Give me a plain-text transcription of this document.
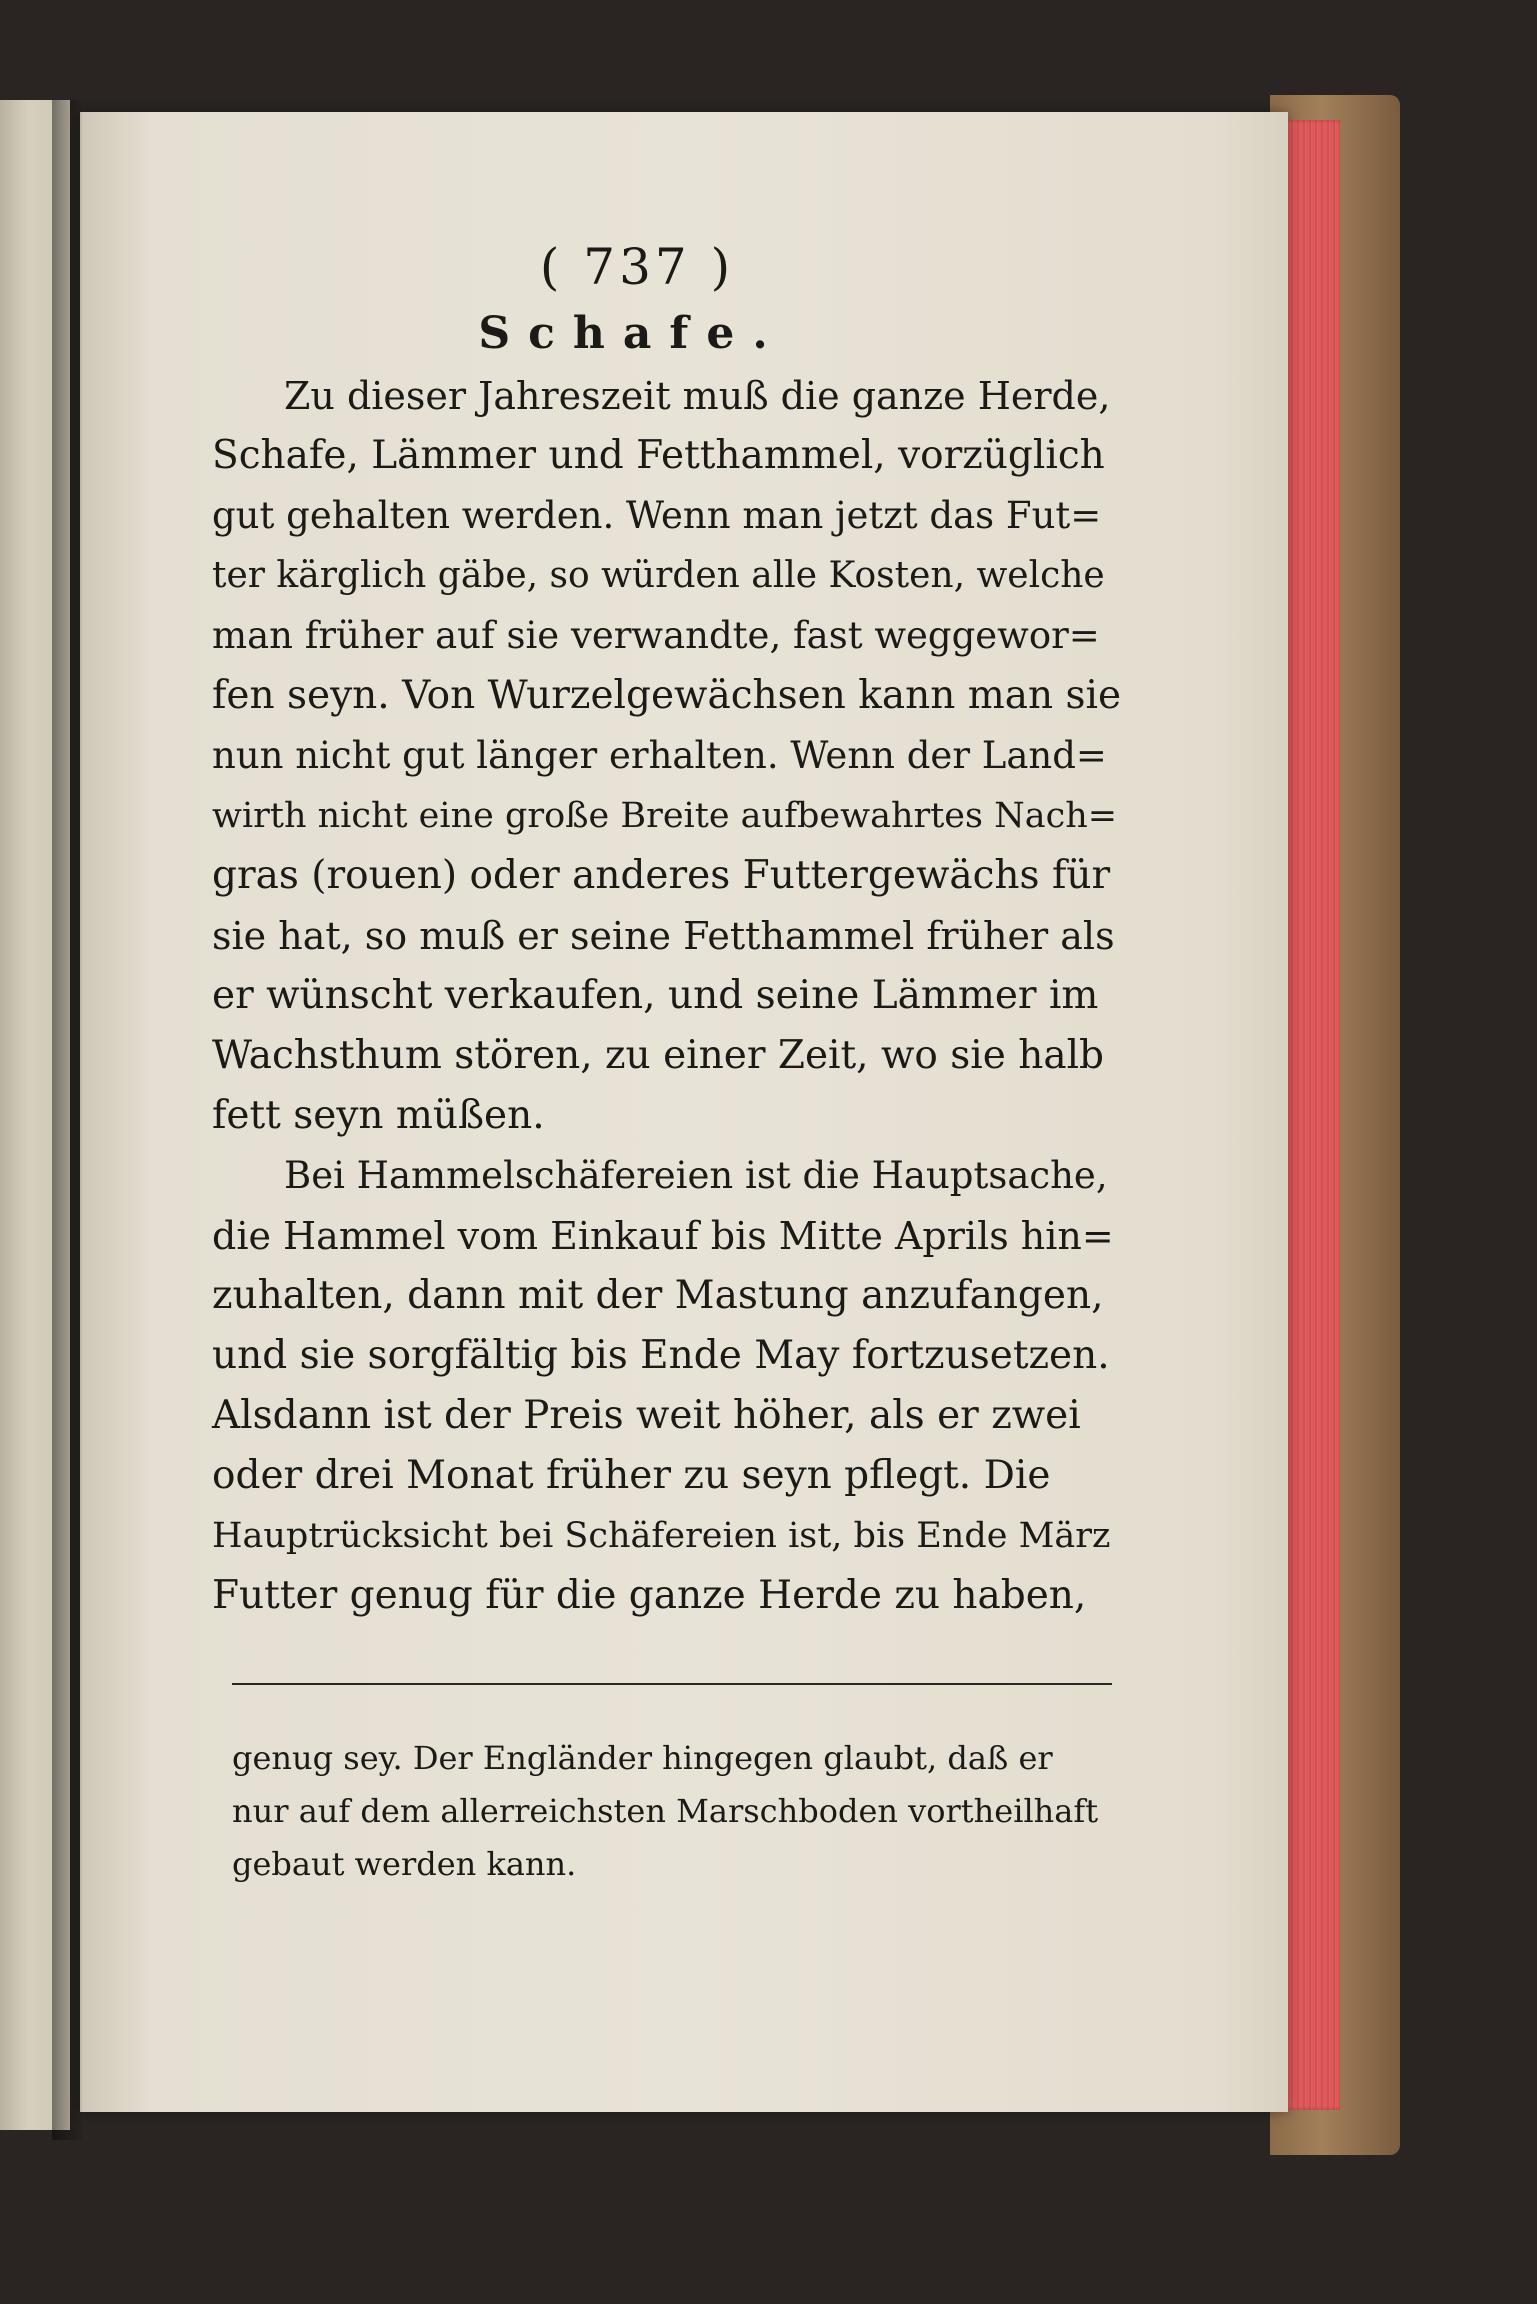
( 737 )
Schafe.
Zu dieser Jahreszeit muß die ganze Herde,
Schafe, Lämmer und Fetthammel, vorzüglich
gut gehalten werden. Wenn man jetzt das Fut=
ter kärglich gäbe, so würden alle Kosten, welche
man früher auf sie verwandte, fast weggewor=
fen seyn. Von Wurzelgewächsen kann man sie
nun nicht gut länger erhalten. Wenn der Land=
wirth nicht eine große Breite aufbewahrtes Nach=
gras (rouen) oder anderes Futtergewächs für
sie hat, so muß er seine Fetthammel früher als
er wünscht verkaufen, und seine Lämmer im
Wachsthum stören, zu einer Zeit, wo sie halb
fett seyn müßen.
Bei Hammelschäfereien ist die Hauptsache,
die Hammel vom Einkauf bis Mitte Aprils hin=
zuhalten, dann mit der Mastung anzufangen,
und sie sorgfältig bis Ende May fortzusetzen.
Alsdann ist der Preis weit höher, als er zwei
oder drei Monat früher zu seyn pflegt. Die
Hauptrücksicht bei Schäfereien ist, bis Ende März
Futter genug für die ganze Herde zu haben,
genug sey. Der Engländer hingegen glaubt, daß er
nur auf dem allerreichsten Marschboden vortheilhaft
gebaut werden kann.
